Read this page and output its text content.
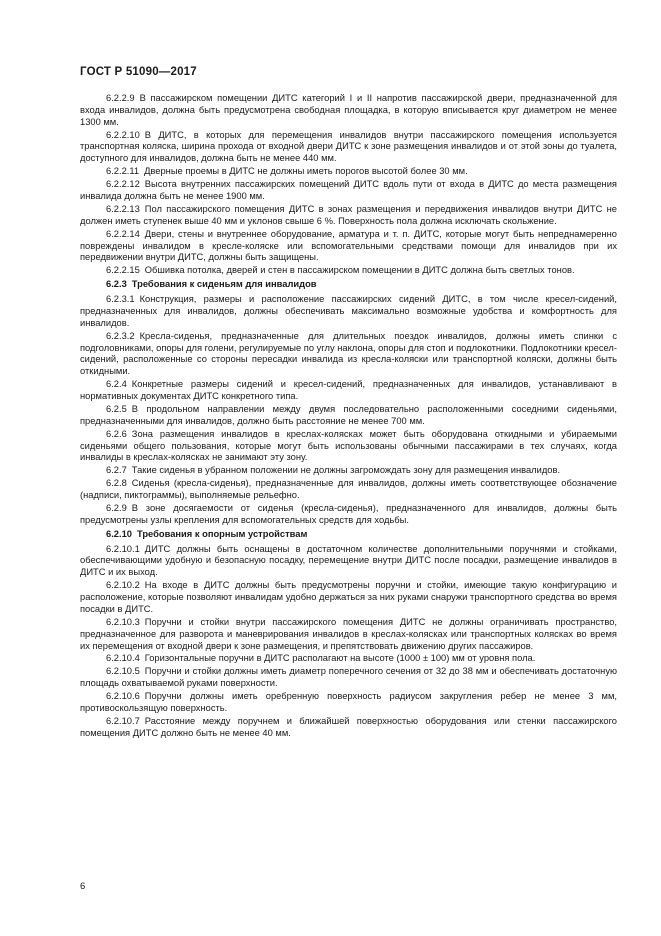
ГОСТ Р 51090—2017

6.2.2.9 В пассажирском помещении ДИТС категорий I и II напротив пассажирской двери, предназначенной для входа инвалидов, должна быть предусмотрена свободная площадка, в которую вписывается круг диаметром не менее 1300 мм.

6.2.2.10 В ДИТС, в которых для перемещения инвалидов внутри пассажирского помещения используется транспортная коляска, ширина прохода от входной двери ДИТС к зоне размещения инвалидов и от этой зоны до туалета, доступного для инвалидов, должна быть не менее 440 мм.

6.2.2.11 Дверные проемы в ДИТС не должны иметь порогов высотой более 30 мм.

6.2.2.12 Высота внутренних пассажирских помещений ДИТС вдоль пути от входа в ДИТС до места размещения инвалида должна быть не менее 1900 мм.

6.2.2.13 Пол пассажирского помещения ДИТС в зонах размещения и передвижения инвалидов внутри ДИТС не должен иметь ступенек выше 40 мм и уклонов свыше 6 %. Поверхность пола должна исключать скольжение.

6.2.2.14 Двери, стены и внутреннее оборудование, арматура и т. п. ДИТС, которые могут быть непреднамеренно повреждены инвалидом в кресле-коляске или вспомогательными средствами помощи для инвалидов при их передвижении внутри ДИТС, должны быть защищены.

6.2.2.15 Обшивка потолка, дверей и стен в пассажирском помещении в ДИТС должна быть светлых тонов.

6.2.3 Требования к сиденьям для инвалидов

6.2.3.1 Конструкция, размеры и расположение пассажирских сидений ДИТС, в том числе кресел-сидений, предназначенных для инвалидов, должны обеспечивать максимально возможные удобства и комфортность для инвалидов.

6.2.3.2 Кресла-сиденья, предназначенные для длительных поездок инвалидов, должны иметь спинки с подголовниками, опоры для голени, регулируемые по углу наклона, опоры для стоп и подлокотники. Подлокотники кресел-сидений, расположенные со стороны пересадки инвалида из кресла-коляски или транспортной коляски, должны быть откидными.

6.2.4 Конкретные размеры сидений и кресел-сидений, предназначенных для инвалидов, устанавливают в нормативных документах ДИТС конкретного типа.

6.2.5 В продольном направлении между двумя последовательно расположенными соседними сиденьями, предназначенными для инвалидов, должно быть расстояние не менее 700 мм.

6.2.6 Зона размещения инвалидов в креслах-колясках может быть оборудована откидными и убираемыми сиденьями общего пользования, которые могут быть использованы обычными пассажирами в тех случаях, когда инвалиды в креслах-колясках не занимают эту зону.

6.2.7 Такие сиденья в убранном положении не должны загромождать зону для размещения инвалидов.

6.2.8 Сиденья (кресла-сиденья), предназначенные для инвалидов, должны иметь соответствующее обозначение (надписи, пиктограммы), выполняемые рельефно.

6.2.9 В зоне досягаемости от сиденья (кресла-сиденья), предназначенного для инвалидов, должны быть предусмотрены узлы крепления для вспомогательных средств для ходьбы.

6.2.10 Требования к опорным устройствам

6.2.10.1 ДИТС должны быть оснащены в достаточном количестве дополнительными поручнями и стойками, обеспечивающими удобную и безопасную посадку, перемещение внутри ДИТС после посадки, размещение инвалидов в ДИТС и их выход.

6.2.10.2 На входе в ДИТС должны быть предусмотрены поручни и стойки, имеющие такую конфигурацию и расположение, которые позволяют инвалидам удобно держаться за них руками снаружи транспортного средства во время посадки в ДИТС.

6.2.10.3 Поручни и стойки внутри пассажирского помещения ДИТС не должны ограничивать пространство, предназначенное для разворота и маневрирования инвалидов в креслах-колясках или транспортных колясках во время их перемещения от входной двери к зоне размещения, и препятствовать движению других пассажиров.

6.2.10.4 Горизонтальные поручни в ДИТС располагают на высоте (1000 ± 100) мм от уровня пола.

6.2.10.5 Поручни и стойки должны иметь диаметр поперечного сечения от 32 до 38 мм и обеспечивать достаточную площадь охватываемой руками поверхности.

6.2.10.6 Поручни должны иметь оребренную поверхность радиусом закругления ребер не менее 3 мм, противоскользящую поверхность.

6.2.10.7 Расстояние между поручнем и ближайшей поверхностью оборудования или стенки пассажирского помещения ДИТС должно быть не менее 40 мм.

6
